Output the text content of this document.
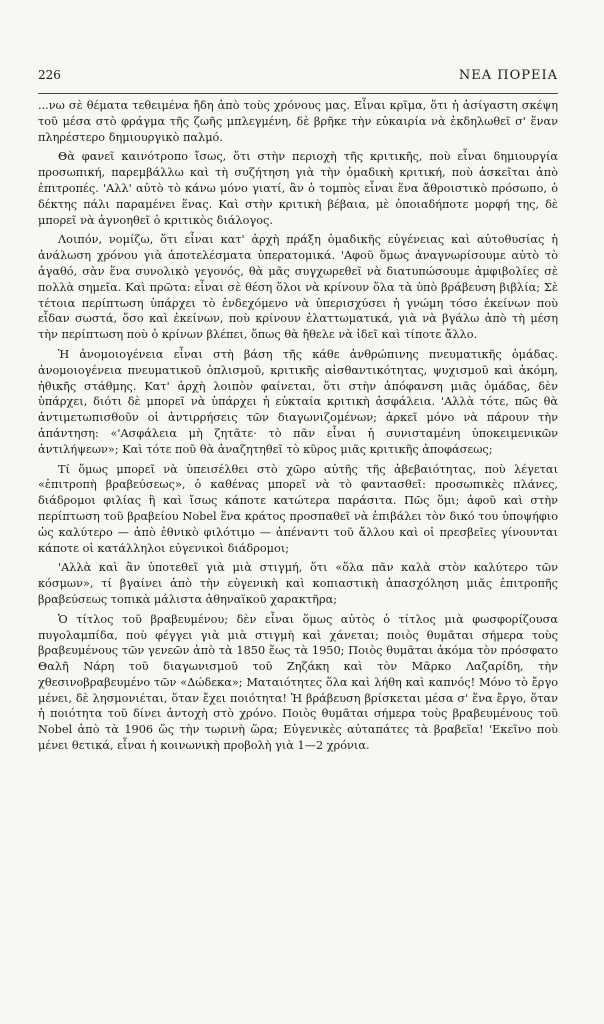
226	ΝΕΑ ΠΟΡΕΙΑ

...νω σὲ θέματα τεθειμένα ἤδη ἀπὸ τοὺς χρόνους μας. Εἶναι κρῖμα, ὅτι ἡ ἀσίγαστη σκέψη τοῦ μέσα στὸ φράγμα τῆς ζωῆς μπλεγμένη, δὲ βρῆκε τὴν εὐκαιρία νὰ ἐκδηλωθεῖ σ' ἕναν πληρέστερο δημιουργικὸ παλμό.

Θὰ φανεῖ καινότροπο ἴσως, ὅτι στὴν περιοχὴ τῆς κριτικῆς, ποὺ εἶναι δημιουργία προσωπική, παρεμβάλλω καὶ τὴ συζήτηση γιὰ τὴν ὁμαδικὴ κριτική, ποὺ ἀσκεῖται ἀπὸ ἐπιτροπές. 'Αλλ' αὐτὸ τὸ κάνω μόνο γιατί, ἂν ὁ τομπὸς εἶναι ἕνα ἄθροιστικὸ πρόσωπο, ὁ δέκτης πάλι παραμένει ἕνας. Καὶ στὴν κριτικὴ βέβαια, μὲ ὁποιαδήποτε μορφή της, δὲ μπορεῖ νὰ ἀγνοηθεῖ ὁ κριτικὸς διάλογος.

Λοιπόν, νομίζω, ὅτι εἶναι κατ' ἀρχὴ πράξη ὁμαδικῆς εὐγένειας καὶ αὐτοθυσίας ἡ ἀνάλωση χρόνου γιὰ ἀποτελέσματα ὑπερατομικά. 'Αφοῦ ὅμως ἀναγνωρίσουμε αὐτὸ τὸ ἀγαθό, σὰν ἕνα συνολικὸ γεγονός, θὰ μᾶς συγχωρεθεῖ νὰ διατυπώσουμε ἀμφιβολίες σὲ πολλὰ σημεῖα. Καὶ πρῶτα: εἶναι σὲ θέση ὅλοι νὰ κρίνουν ὅλα τὰ ὑπὸ βράβευση βιβλία; Σὲ τέτοια περίπτωση ὑπάρχει τὸ ἐνδεχόμενο νὰ ὑπερισχύσει ἡ γνώμη τόσο ἐκείνων ποὺ εἶδαν σωστά, ὅσο καὶ ἐκείνων, ποὺ κρίνουν ἐλαττωματικά, γιὰ νὰ βγάλω ἀπὸ τὴ μέση τὴν περίπτωση ποὺ ὁ κρίνων βλέπει, ὅπως θὰ ἤθελε νὰ ἰδεῖ καὶ τίποτε ἄλλο.

Ἡ ἀνομοιογένεια εἶναι στὴ βάση τῆς κάθε ἀνθρώπινης πνευματικῆς ὁμάδας. ἀνομοιογένεια πνευματικοῦ ὁπλισμοῦ, κριτικῆς αἰσθαντικότητας, ψυχισμοῦ καὶ ἀκόμη, ἠθικῆς στάθμης. Κατ' ἀρχὴ λοιπὸν φαίνεται, ὅτι στὴν ἀπόφανση μιᾶς ὁμάδας, δὲν ὑπάρχει, διότι δὲ μπορεῖ νὰ ὑπάρχει ἡ εὐκταία κριτικὴ ἀσφάλεια. 'Αλλὰ τότε, πῶς θὰ ἀντιμετωπισθοῦν οἱ ἀντιρρήσεις τῶν διαγωνιζομένων; ἀρκεῖ μόνο νὰ πάρουν τὴν ἀπάντηση: «'Ασφάλεια μὴ ζητᾶτε· τὸ πᾶν εἶναι ἡ συνισταμένη ὑποκειμενικῶν ἀντιλήψεων»; Καὶ τότε ποῦ θὰ ἀναζητηθεῖ τὸ κῦρος μιᾶς κριτικῆς ἀποφάσεως;

Τί ὅμως μπορεῖ νὰ ὑπεισέλθει στὸ χῶρο αὐτῆς τῆς ἀβεβαιότητας, ποὺ λέγεται «ἐπιτροπὴ βραβεύσεως», ὁ καθένας μπορεῖ νὰ τὸ φαντασθεῖ: προσωπικὲς πλάνες, διάδρομοι φιλίας ἢ καὶ ἴσως κάποτε κατώτερα παράσιτα. Πῶς ὅμι; ἀφοῦ καὶ στὴν περίπτωση τοῦ βραβείου Nobel ἕνα κράτος προσπαθεῖ νὰ ἐπιβάλει τὸν δικό του ὑποψήφιο ὡς καλύτερο — ἀπὸ ἐθνικὸ φιλότιμο — ἀπέναντι τοῦ ἄλλου καὶ οἱ πρεσβεῖες γίνουνται κάποτε οἱ κατάλληλοι εὐγενικοὶ διάδρομοι;

'Αλλὰ καὶ ἂν ὑποτεθεῖ γιὰ μιὰ στιγμή, ὅτι «ὅλα πᾶν καλὰ στὸν καλύτερο τῶν κόσμων», τί βγαίνει ἀπὸ τὴν εὐγενικὴ καὶ κοπιαστικὴ ἀπασχόληση μιᾶς ἐπιτροπῆς βραβεύσεως τοπικὰ μάλιστα ἀθηναϊκοῦ χαρακτῆρα;

Ὁ τίτλος τοῦ βραβευμένου; δὲν εἶναι ὅμως αὐτὸς ὁ τίτλος μιὰ φωσφορίζουσα πυγολαμπίδα, ποὺ φέγγει γιὰ μιὰ στιγμὴ καὶ χάνεται; ποιὸς θυμᾶται σήμερα τοὺς βραβευμένους τῶν γενεῶν ἀπὸ τὰ 1850 ἕως τὰ 1950; Ποιὸς θυμᾶται ἀκόμα τὸν πρόσφατο Θαλῆ Νάρη τοῦ διαγωνισμοῦ τοῦ Ζηζάκη καὶ τὸν Μᾶρκο Λαζαρίδη, τὴν χθεσινοβραβευμένο τῶν «Δώδεκα»; Ματαιότητες ὅλα καὶ λήθη καὶ καπνός! Μόνο τὸ ἔργο μένει, δὲ λησμονιέται, ὅταν ἔχει ποιότητα! Ἡ βράβευση βρίσκεται μέσα σ' ἕνα ἔργο, ὅταν ἡ ποιότητα τοῦ δίνει ἀντοχὴ στὸ χρόνο. Ποιὸς θυμᾶται σήμερα τοὺς βραβευμένους τοῦ Nobel ἀπὸ τὰ 1906 ὥς τὴν τωρινὴ ὥρα; Εὐγενικὲς αὐταπάτες τὰ βραβεῖα! 'Εκεῖνο ποὺ μένει θετικά, εἶναι ἡ κοινωνικὴ προβολὴ γιὰ 1—2 χρόνια.
